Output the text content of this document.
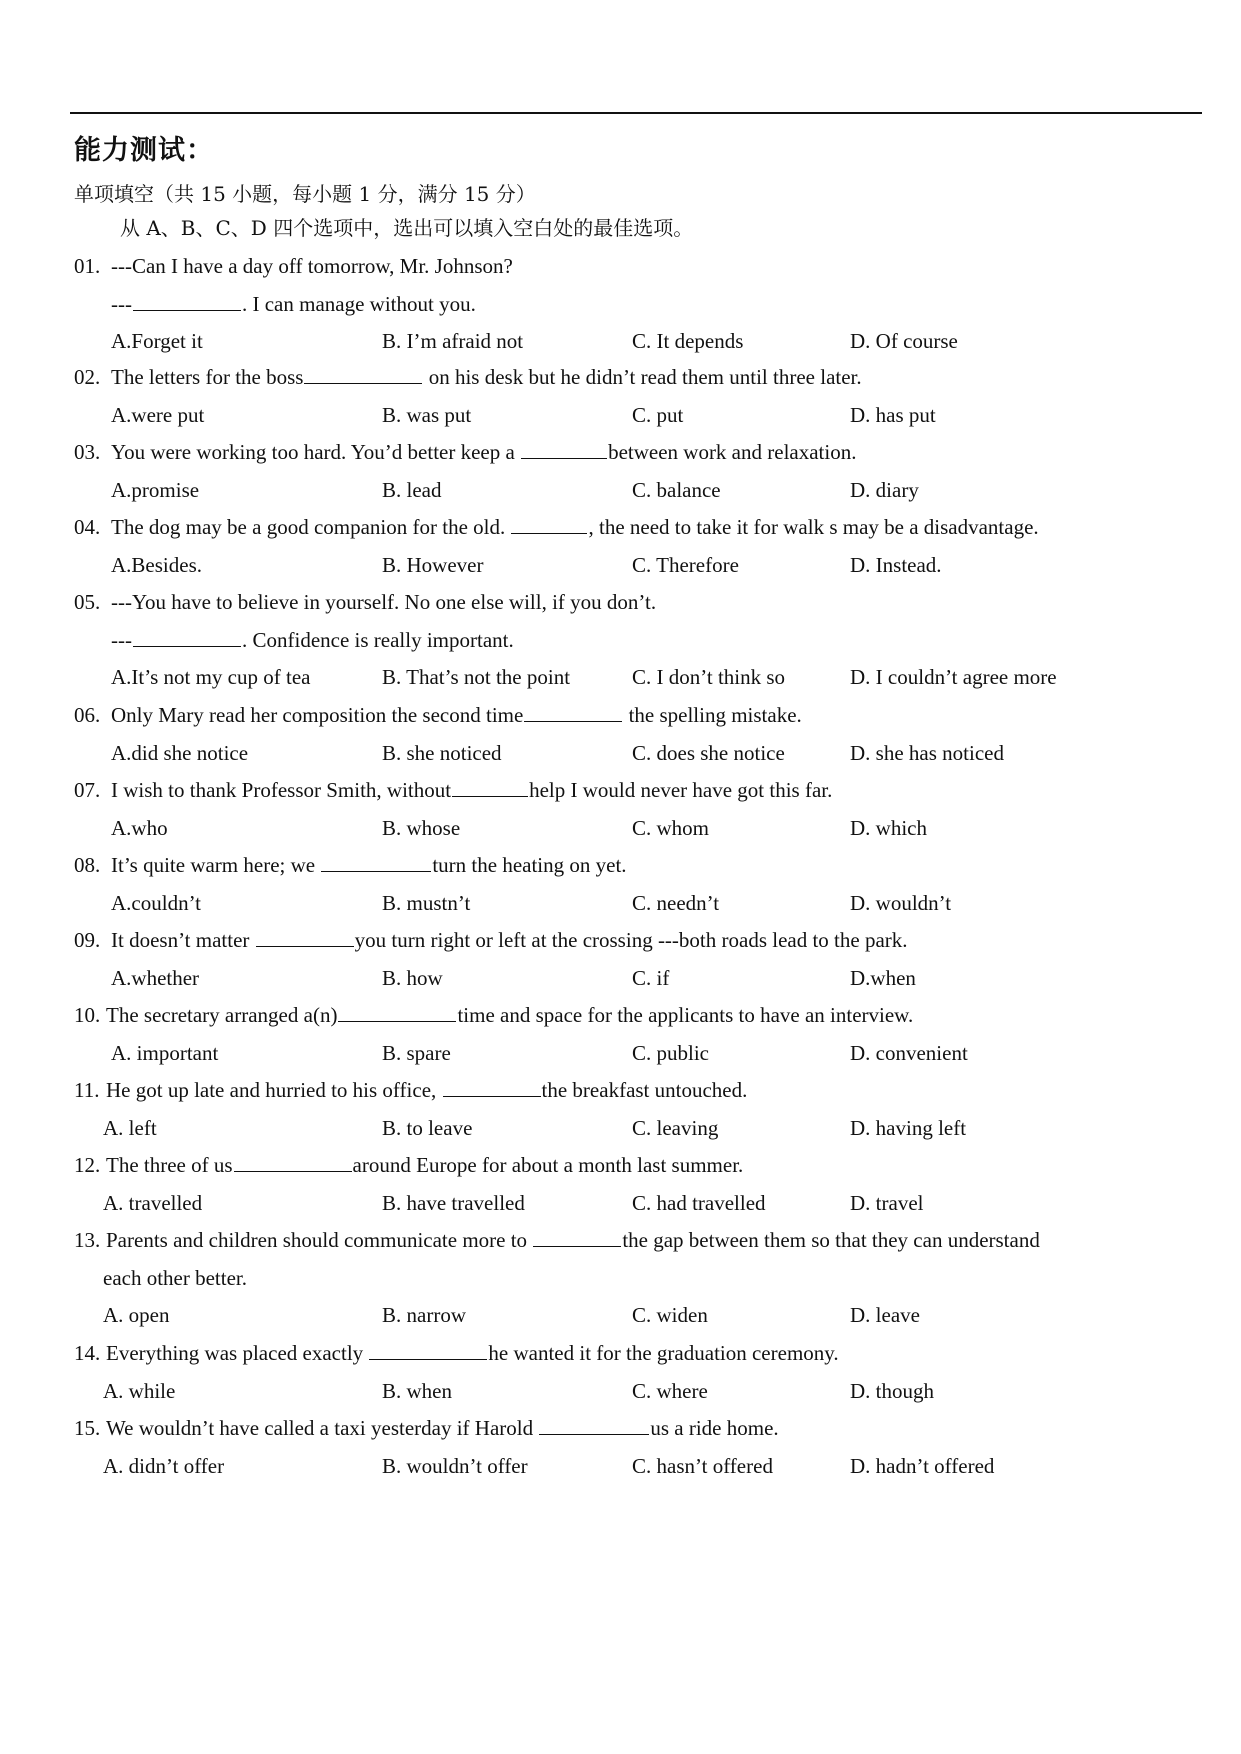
能力测试：
单项填空（共 15 小题，每小题 1 分，满分 15 分）
从 A、B、C、D 四个选项中，选出可以填入空白处的最佳选项。
01. ---Can I have a day off tomorrow, Mr. Johnson?
---	. I can manage without you.
A.Forget it	B. I’m afraid not	C. It depends	D. Of course
02. The letters for the boss	on his desk but he didn’t read them until three later.
A.were put	B. was put	C. put	D. has put
03. You were working too hard. You’d better keep a	between work and relaxation.
A.promise	B. lead	C. balance	D. diary
04. The dog may be a good companion for the old.	, the need to take it for walk s may be a disadvantage.
A.Besides.	B. However	C. Therefore	D. Instead.
05. ---You have to believe in yourself. No one else will, if you don’t.
---	. Confidence is really important.
A.It’s not my cup of tea	B. That’s not the point	C. I don’t think so	D. I couldn’t agree more
06. Only Mary read her composition the second time	the spelling mistake.
A.did she notice	B. she noticed	C. does she notice	D. she has noticed
07. I wish to thank Professor Smith, without	help I would never have got this far.
A.who	B. whose	C. whom	D. which
08. It’s quite warm here; we	turn the heating on yet.
A.couldn’t	B. mustn’t	C. needn’t	D. wouldn’t
09. It doesn’t matter	you turn right or left at the crossing ---both roads lead to the park.
A.whether	B. how	C. if	D.when
10. The secretary arranged a(n)	time and space for the applicants to have an interview.
A. important	B. spare	C. public	D. convenient
11. He got up late and hurried to his office,	the breakfast untouched.
A. left	B. to leave	C. leaving	D. having left
12. The three of us	around Europe for about a month last summer.
A. travelled	B. have travelled	C. had travelled	D. travel
13. Parents and children should communicate more to	the gap between them so that they can understand
each other better.
A. open	B. narrow	C. widen	D. leave
14. Everything was placed exactly	he wanted it for the graduation ceremony.
A. while	B. when	C. where	D. though
15. We wouldn’t have called a taxi yesterday if Harold	us a ride home.
A. didn’t offer	B. wouldn’t offer	C. hasn’t offered	D. hadn’t offered
